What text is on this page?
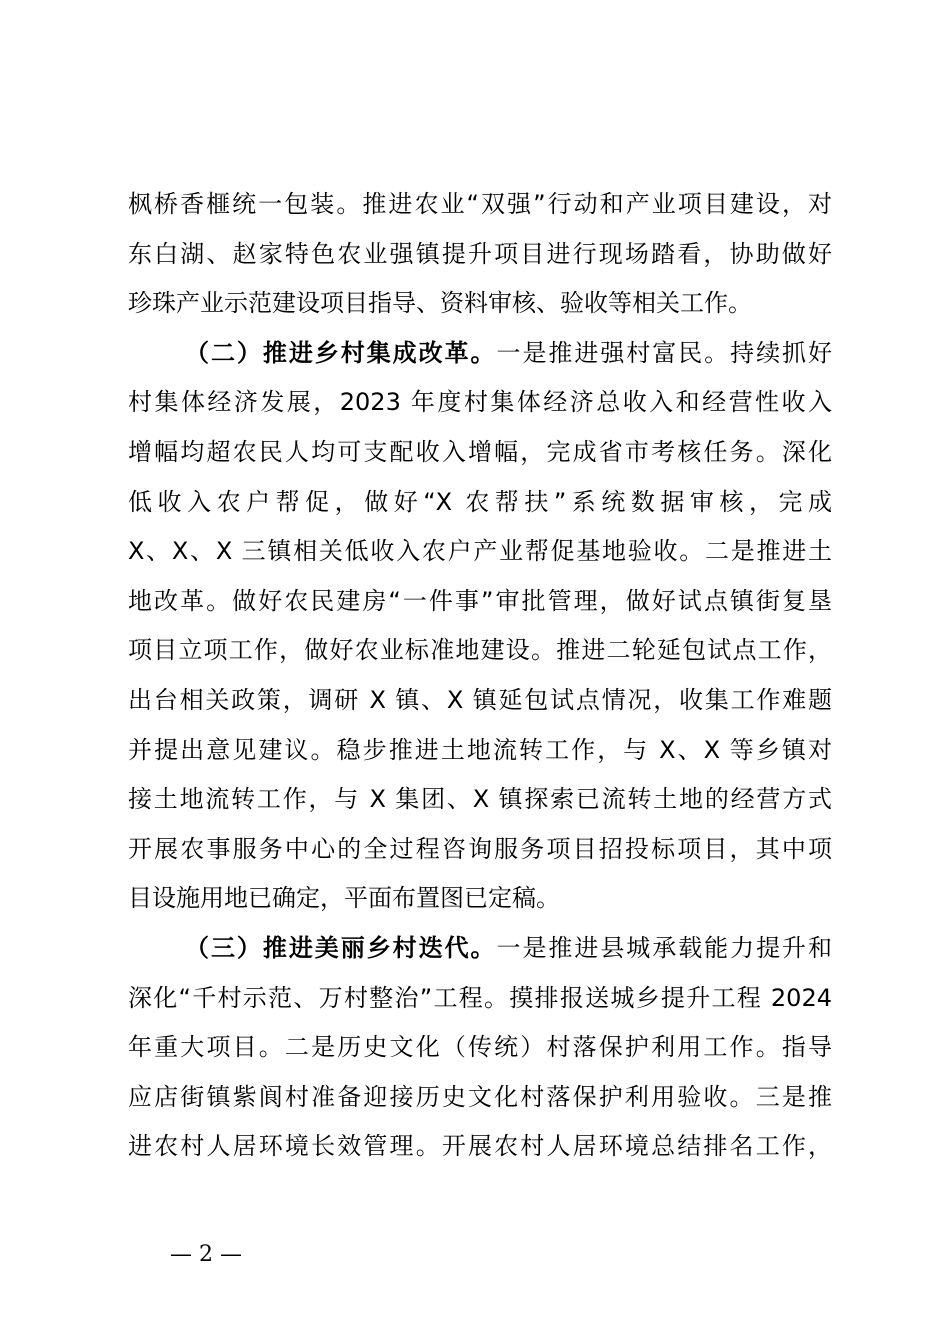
枫桥香榧统一包装。推进农业“双强”行动和产业项目建设，对
东白湖、赵家特色农业强镇提升项目进行现场踏看，协助做好
珍珠产业示范建设项目指导、资料审核、验收等相关工作。
（二）推进乡村集成改革。一是推进强村富民。持续抓好
村集体经济发展，2023 年度村集体经济总收入和经营性收入
增幅均超农民人均可支配收入增幅，完成省市考核任务。深化
低收入农户帮促，做好“X 农帮扶”系统数据审核，完成
X、X、X 三镇相关低收入农户产业帮促基地验收。二是推进土
地改革。做好农民建房“一件事”审批管理，做好试点镇街复垦
项目立项工作，做好农业标准地建设。推进二轮延包试点工作，
出台相关政策，调研 X 镇、X 镇延包试点情况，收集工作难题
并提出意见建议。稳步推进土地流转工作，与 X、X 等乡镇对
接土地流转工作，与 X 集团、X 镇探索已流转土地的经营方式
开展农事服务中心的全过程咨询服务项目招投标项目，其中项
目设施用地已确定，平面布置图已定稿。
（三）推进美丽乡村迭代。一是推进县城承载能力提升和
深化“千村示范、万村整治”工程。摸排报送城乡提升工程 2024
年重大项目。二是历史文化（传统）村落保护利用工作。指导
应店街镇紫阆村准备迎接历史文化村落保护利用验收。三是推
进农村人居环境长效管理。开展农村人居环境总结排名工作，
— 2 —
